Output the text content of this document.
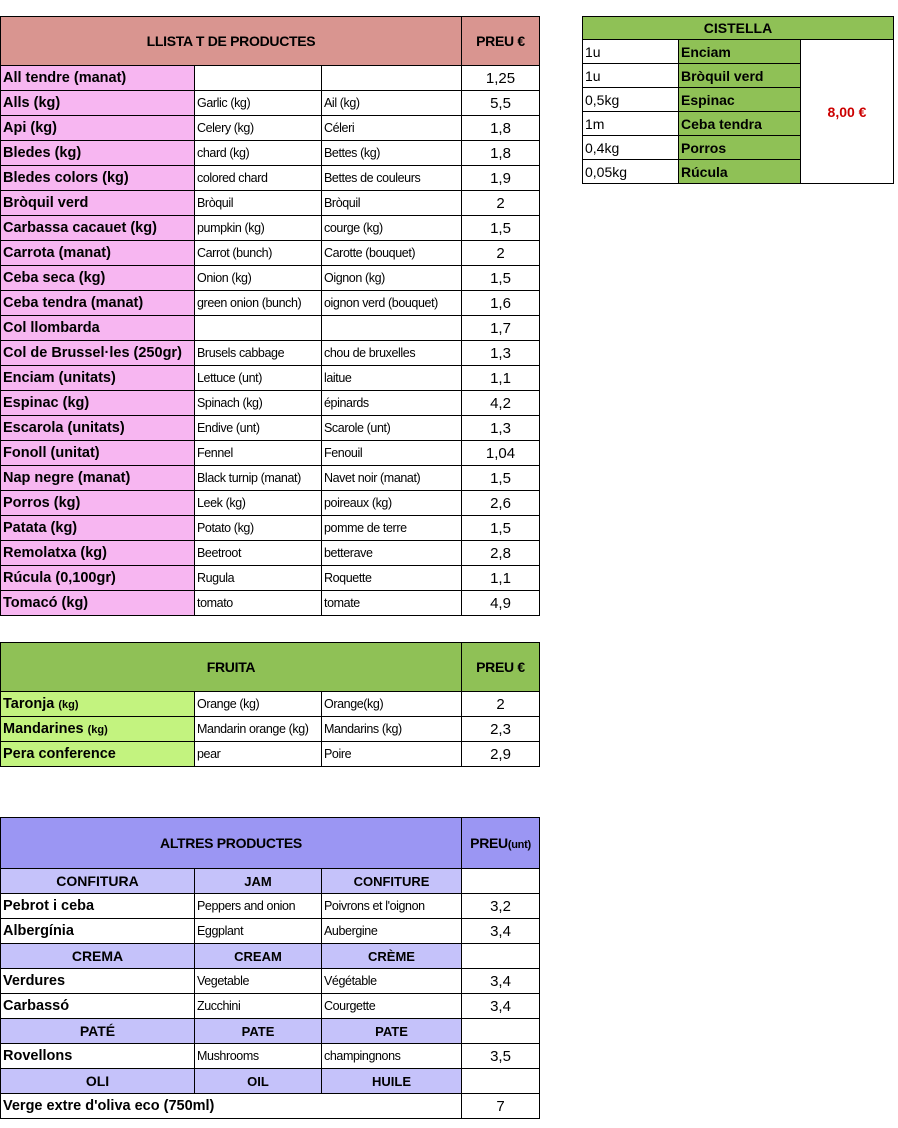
LLISTA T DE PRODUCTES			PREU €
All tendre (manat)			1,25
Alls (kg)	Garlic (kg)	Ail (kg)	5,5
Api (kg)	Celery (kg)	Céleri	1,8
Bledes (kg)	chard (kg)	Bettes (kg)	1,8
Bledes colors (kg)	colored chard	Bettes de couleurs	1,9
Bròquil verd	Bròquil	Bròquil	2
Carbassa cacauet (kg)	pumpkin (kg)	courge (kg)	1,5
Carrota (manat)	Carrot (bunch)	Carotte (bouquet)	2
Ceba seca (kg)	Onion (kg)	Oignon (kg)	1,5
Ceba tendra (manat)	green onion (bunch)	oignon verd (bouquet)	1,6
Col llombarda			1,7
Col de Brussel·les (250gr)	Brusels cabbage	chou de bruxelles	1,3
Enciam (unitats)	Lettuce (unt)	laitue	1,1
Espinac (kg)	Spinach (kg)	épinards	4,2
Escarola (unitats)	Endive (unt)	Scarole (unt)	1,3
Fonoll (unitat)	Fennel	Fenouil	1,04
Nap negre (manat)	Black turnip (manat)	Navet noir (manat)	1,5
Porros (kg)	Leek (kg)	poireaux (kg)	2,6
Patata (kg)	Potato (kg)	pomme de terre	1,5
Remolatxa (kg)	Beetroot	betterave	2,8
Rúcula (0,100gr)	Rugula	Roquette	1,1
Tomacó (kg)	tomato	tomate	4,9
FRUITA			PREU €
Taronja (kg)	Orange (kg)	Orange(kg)	2
Mandarines (kg)	Mandarin orange (kg)	Mandarins (kg)	2,3
Pera conference	pear	Poire	2,9
ALTRES PRODUCTES			PREU(unt)
CONFITURA	JAM	CONFITURE	
Pebrot i ceba	Peppers and onion	Poivrons et l'oignon	3,2
Albergínia	Eggplant	Aubergine	3,4
CREMA	CREAM	CRÈME	
Verdures	Vegetable	Végétable	3,4
Carbassó	Zucchini	Courgette	3,4
PATÉ	PATE	PATE	
Rovellons	Mushrooms	champingnons	3,5
OLI	OIL	HUILE	
Verge extre d'oliva eco (750ml)			7
CISTELLA		
1u	Enciam	8,00 €
1u	Bròquil verd	
0,5kg	Espinac	
1m	Ceba tendra	
0,4kg	Porros	
0,05kg	Rúcula	
